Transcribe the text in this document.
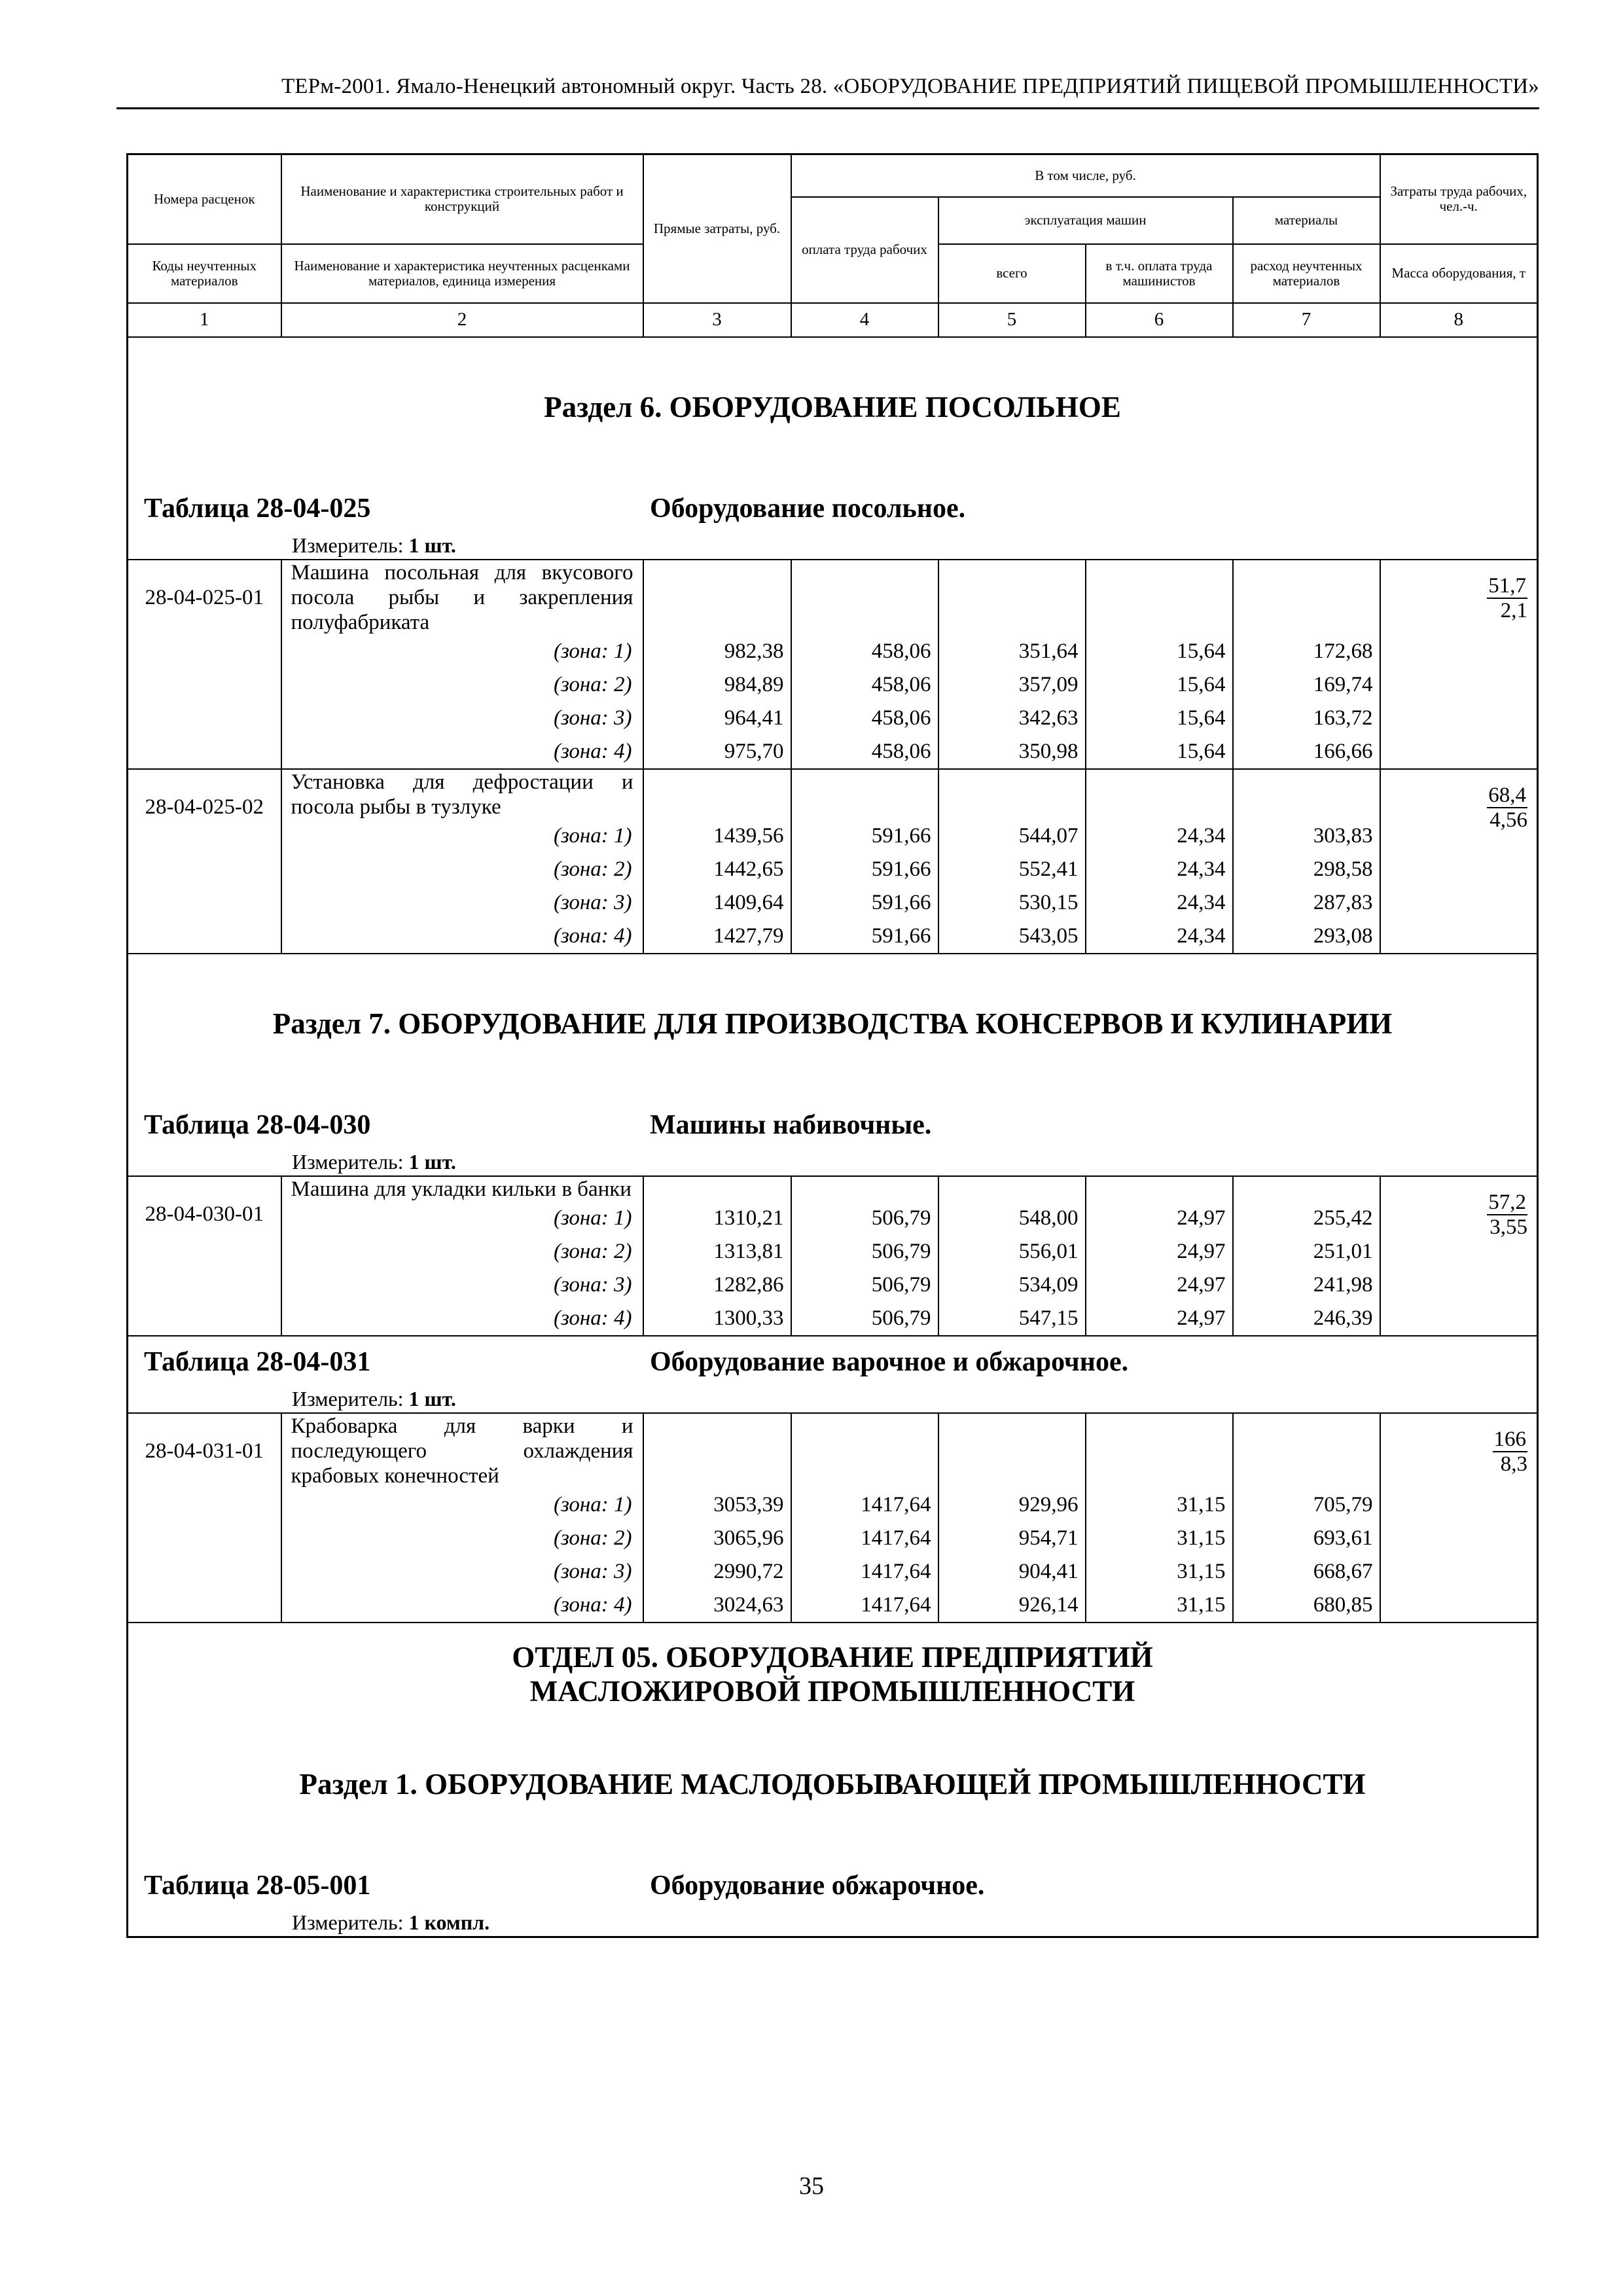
ТЕРм-2001. Ямало-Ненецкий автономный округ. Часть 28. «ОБОРУДОВАНИЕ ПРЕДПРИЯТИЙ ПИЩЕВОЙ ПРОМЫШЛЕННОСТИ»
Номера расценок	Наименование и характеристика строительных работ и конструкций	Прямые затраты, руб.	В том числе, руб.				Затраты труда рабочих, чел.-ч.
			оплата труда рабочих	эксплуатация машин		материалы	
Коды неучтенных материалов	Наименование и характеристика неучтенных расценками материалов, единица измерения			всего	в т.ч. оплата труда машинистов	расход неучтенных материалов	Масса оборудования, т
1	2	3	4	5	6	7	8

Раздел 6. ОБОРУДОВАНИЕ ПОСОЛЬНОЕ							

Таблица 28-04-025 Оборудование посольное.
Измеритель: 1 шт.							

28-04-025-01	Машина посольная для вкусового посола рыбы и закрепления полуфабриката						51,7
2,1

	(зона: 1)	982,38	458,06	351,64	15,64	172,68	
	(зона: 2)	984,89	458,06	357,09	15,64	169,74	
	(зона: 3)	964,41	458,06	342,63	15,64	163,72	
	(зона: 4)	975,70	458,06	350,98	15,64	166,66	
28-04-025-02	Установка для дефростации и посола рыбы в тузлуке						68,4
4,56

	(зона: 1)	1439,56	591,66	544,07	24,34	303,83	
	(зона: 2)	1442,65	591,66	552,41	24,34	298,58	
	(зона: 3)	1409,64	591,66	530,15	24,34	287,83	
	(зона: 4)	1427,79	591,66	543,05	24,34	293,08	

Раздел 7. ОБОРУДОВАНИЕ ДЛЯ ПРОИЗВОДСТВА КОНСЕРВОВ И КУЛИНАРИИ							

Таблица 28-04-030 Машины набивочные.
Измеритель: 1 шт.							

28-04-030-01	Машина для укладки кильки в банки						57,2
3,55

	(зона: 1)	1310,21	506,79	548,00	24,97	255,42	
	(зона: 2)	1313,81	506,79	556,01	24,97	251,01	
	(зона: 3)	1282,86	506,79	534,09	24,97	241,98	
	(зона: 4)	1300,33	506,79	547,15	24,97	246,39	

Таблица 28-04-031 Оборудование варочное и обжарочное.
Измеритель: 1 шт.							

28-04-031-01	Крабоварка для варки и последующего охлаждения крабовых конечностей						166
8,3

	(зона: 1)	3053,39	1417,64	929,96	31,15	705,79	
	(зона: 2)	3065,96	1417,64	954,71	31,15	693,61	
	(зона: 3)	2990,72	1417,64	904,41	31,15	668,67	
	(зона: 4)	3024,63	1417,64	926,14	31,15	680,85	

ОТДЕЛ 05. ОБОРУДОВАНИЕ ПРЕДПРИЯТИЙ МАСЛОЖИРОВОЙ ПРОМЫШЛЕННОСТИ							

Раздел 1. ОБОРУДОВАНИЕ МАСЛОДОБЫВАЮЩЕЙ ПРОМЫШЛЕННОСТИ							

Таблица 28-05-001 Оборудование обжарочное.
Измеритель: 1 компл.							
35
